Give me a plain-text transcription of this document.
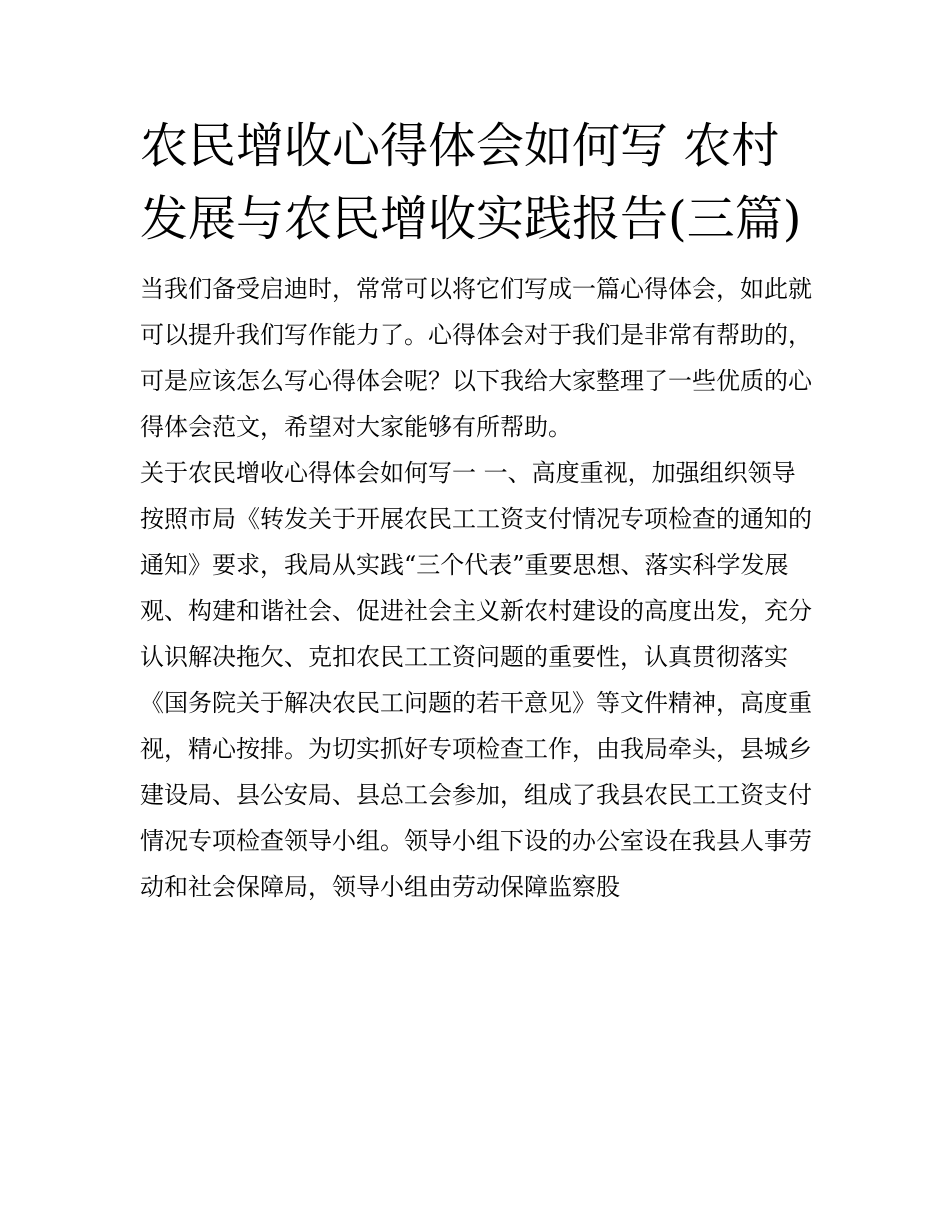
农民增收心得体会如何写 农村发展与农民增收实践报告(三篇)

当我们备受启迪时，常常可以将它们写成一篇心得体会，如此就可以提升我们写作能力了。心得体会对于我们是非常有帮助的，可是应该怎么写心得体会呢？以下我给大家整理了一些优质的心得体会范文，希望对大家能够有所帮助。

关于农民增收心得体会如何写一 一、高度重视，加强组织领导

按照市局《转发关于开展农民工工资支付情况专项检查的通知的通知》要求，我局从实践“三个代表”重要思想、落实科学发展观、构建和谐社会、促进社会主义新农村建设的高度出发，充分认识解决拖欠、克扣农民工工资问题的重要性，认真贯彻落实《国务院关于解决农民工问题的若干意见》等文件精神，高度重视，精心按排。为切实抓好专项检查工作，由我局牵头，县城乡建设局、县公安局、县总工会参加，组成了我县农民工工资支付情况专项检查领导小组。领导小组下设的办公室设在我县人事劳动和社会保障局，领导小组由劳动保障监察股
